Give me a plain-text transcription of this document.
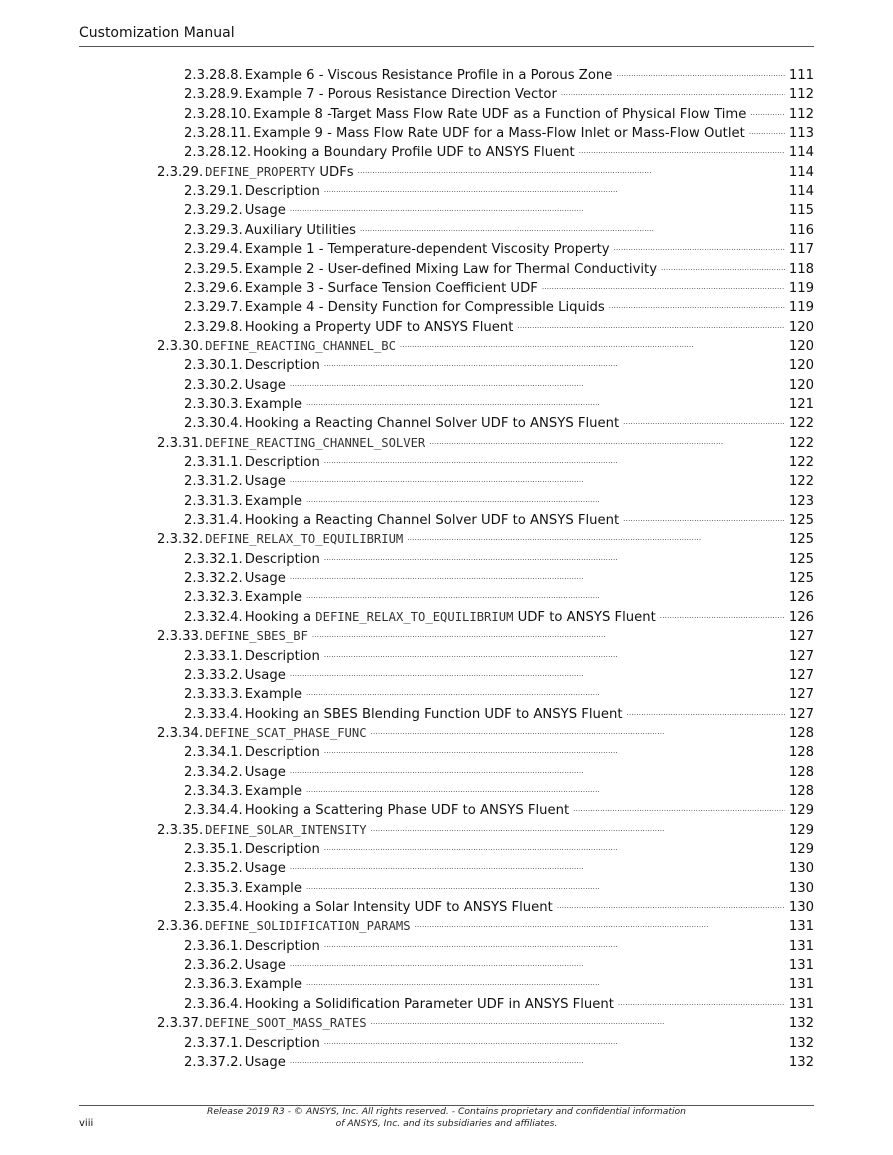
Customization Manual
2.3.28.8. Example 6 - Viscous Resistance Profile in a Porous Zone . . .	111
2.3.28.9. Example 7 - Porous Resistance Direction Vector . . .	112
2.3.28.10. Example 8 -Target Mass Flow Rate UDF as a Function of Physical Flow Time . . .	112
2.3.28.11. Example 9 - Mass Flow Rate UDF for a Mass-Flow Inlet or Mass-Flow Outlet . . .	113
2.3.28.12. Hooking a Boundary Profile UDF to ANSYS Fluent . . .	114
2.3.29. DEFINE_PROPERTY UDFs . . .	114
2.3.29.1. Description . . .	114
2.3.29.2. Usage . . .	115
2.3.29.3. Auxiliary Utilities . . .	116
2.3.29.4. Example 1 - Temperature-dependent Viscosity Property . . .	117
2.3.29.5. Example 2 - User-defined Mixing Law for Thermal Conductivity . . .	118
2.3.29.6. Example 3 - Surface Tension Coefficient UDF . . .	119
2.3.29.7. Example 4 - Density Function for Compressible Liquids . . .	119
2.3.29.8. Hooking a Property UDF to ANSYS Fluent . . .	120
2.3.30. DEFINE_REACTING_CHANNEL_BC . . .	120
2.3.30.1. Description . . .	120
2.3.30.2. Usage . . .	120
2.3.30.3. Example . . .	121
2.3.30.4. Hooking a Reacting Channel Solver UDF to ANSYS Fluent . . .	122
2.3.31. DEFINE_REACTING_CHANNEL_SOLVER . . .	122
2.3.31.1. Description . . .	122
2.3.31.2. Usage . . .	122
2.3.31.3. Example . . .	123
2.3.31.4. Hooking a Reacting Channel Solver UDF to ANSYS Fluent . . .	125
2.3.32. DEFINE_RELAX_TO_EQUILIBRIUM . . .	125
2.3.32.1. Description . . .	125
2.3.32.2. Usage . . .	125
2.3.32.3. Example . . .	126
2.3.32.4. Hooking a DEFINE_RELAX_TO_EQUILIBRIUM UDF to ANSYS Fluent . . .	126
2.3.33. DEFINE_SBES_BF . . .	127
2.3.33.1. Description . . .	127
2.3.33.2. Usage . . .	127
2.3.33.3. Example . . .	127
2.3.33.4. Hooking an SBES Blending Function UDF to ANSYS Fluent . . .	127
2.3.34. DEFINE_SCAT_PHASE_FUNC . . .	128
2.3.34.1. Description . . .	128
2.3.34.2. Usage . . .	128
2.3.34.3. Example . . .	128
2.3.34.4. Hooking a Scattering Phase UDF to ANSYS Fluent . . .	129
2.3.35. DEFINE_SOLAR_INTENSITY . . .	129
2.3.35.1. Description . . .	129
2.3.35.2. Usage . . .	130
2.3.35.3. Example . . .	130
2.3.35.4. Hooking a Solar Intensity UDF to ANSYS Fluent . . .	130
2.3.36. DEFINE_SOLIDIFICATION_PARAMS . . .	131
2.3.36.1. Description . . .	131
2.3.36.2. Usage . . .	131
2.3.36.3. Example . . .	131
2.3.36.4. Hooking a Solidification Parameter UDF in ANSYS Fluent . . .	131
2.3.37. DEFINE_SOOT_MASS_RATES . . .	132
2.3.37.1. Description . . .	132
2.3.37.2. Usage . . .	132
viii
Release 2019 R3 - © ANSYS, Inc. All rights reserved. - Contains proprietary and confidential information
of ANSYS, Inc. and its subsidiaries and affiliates.
